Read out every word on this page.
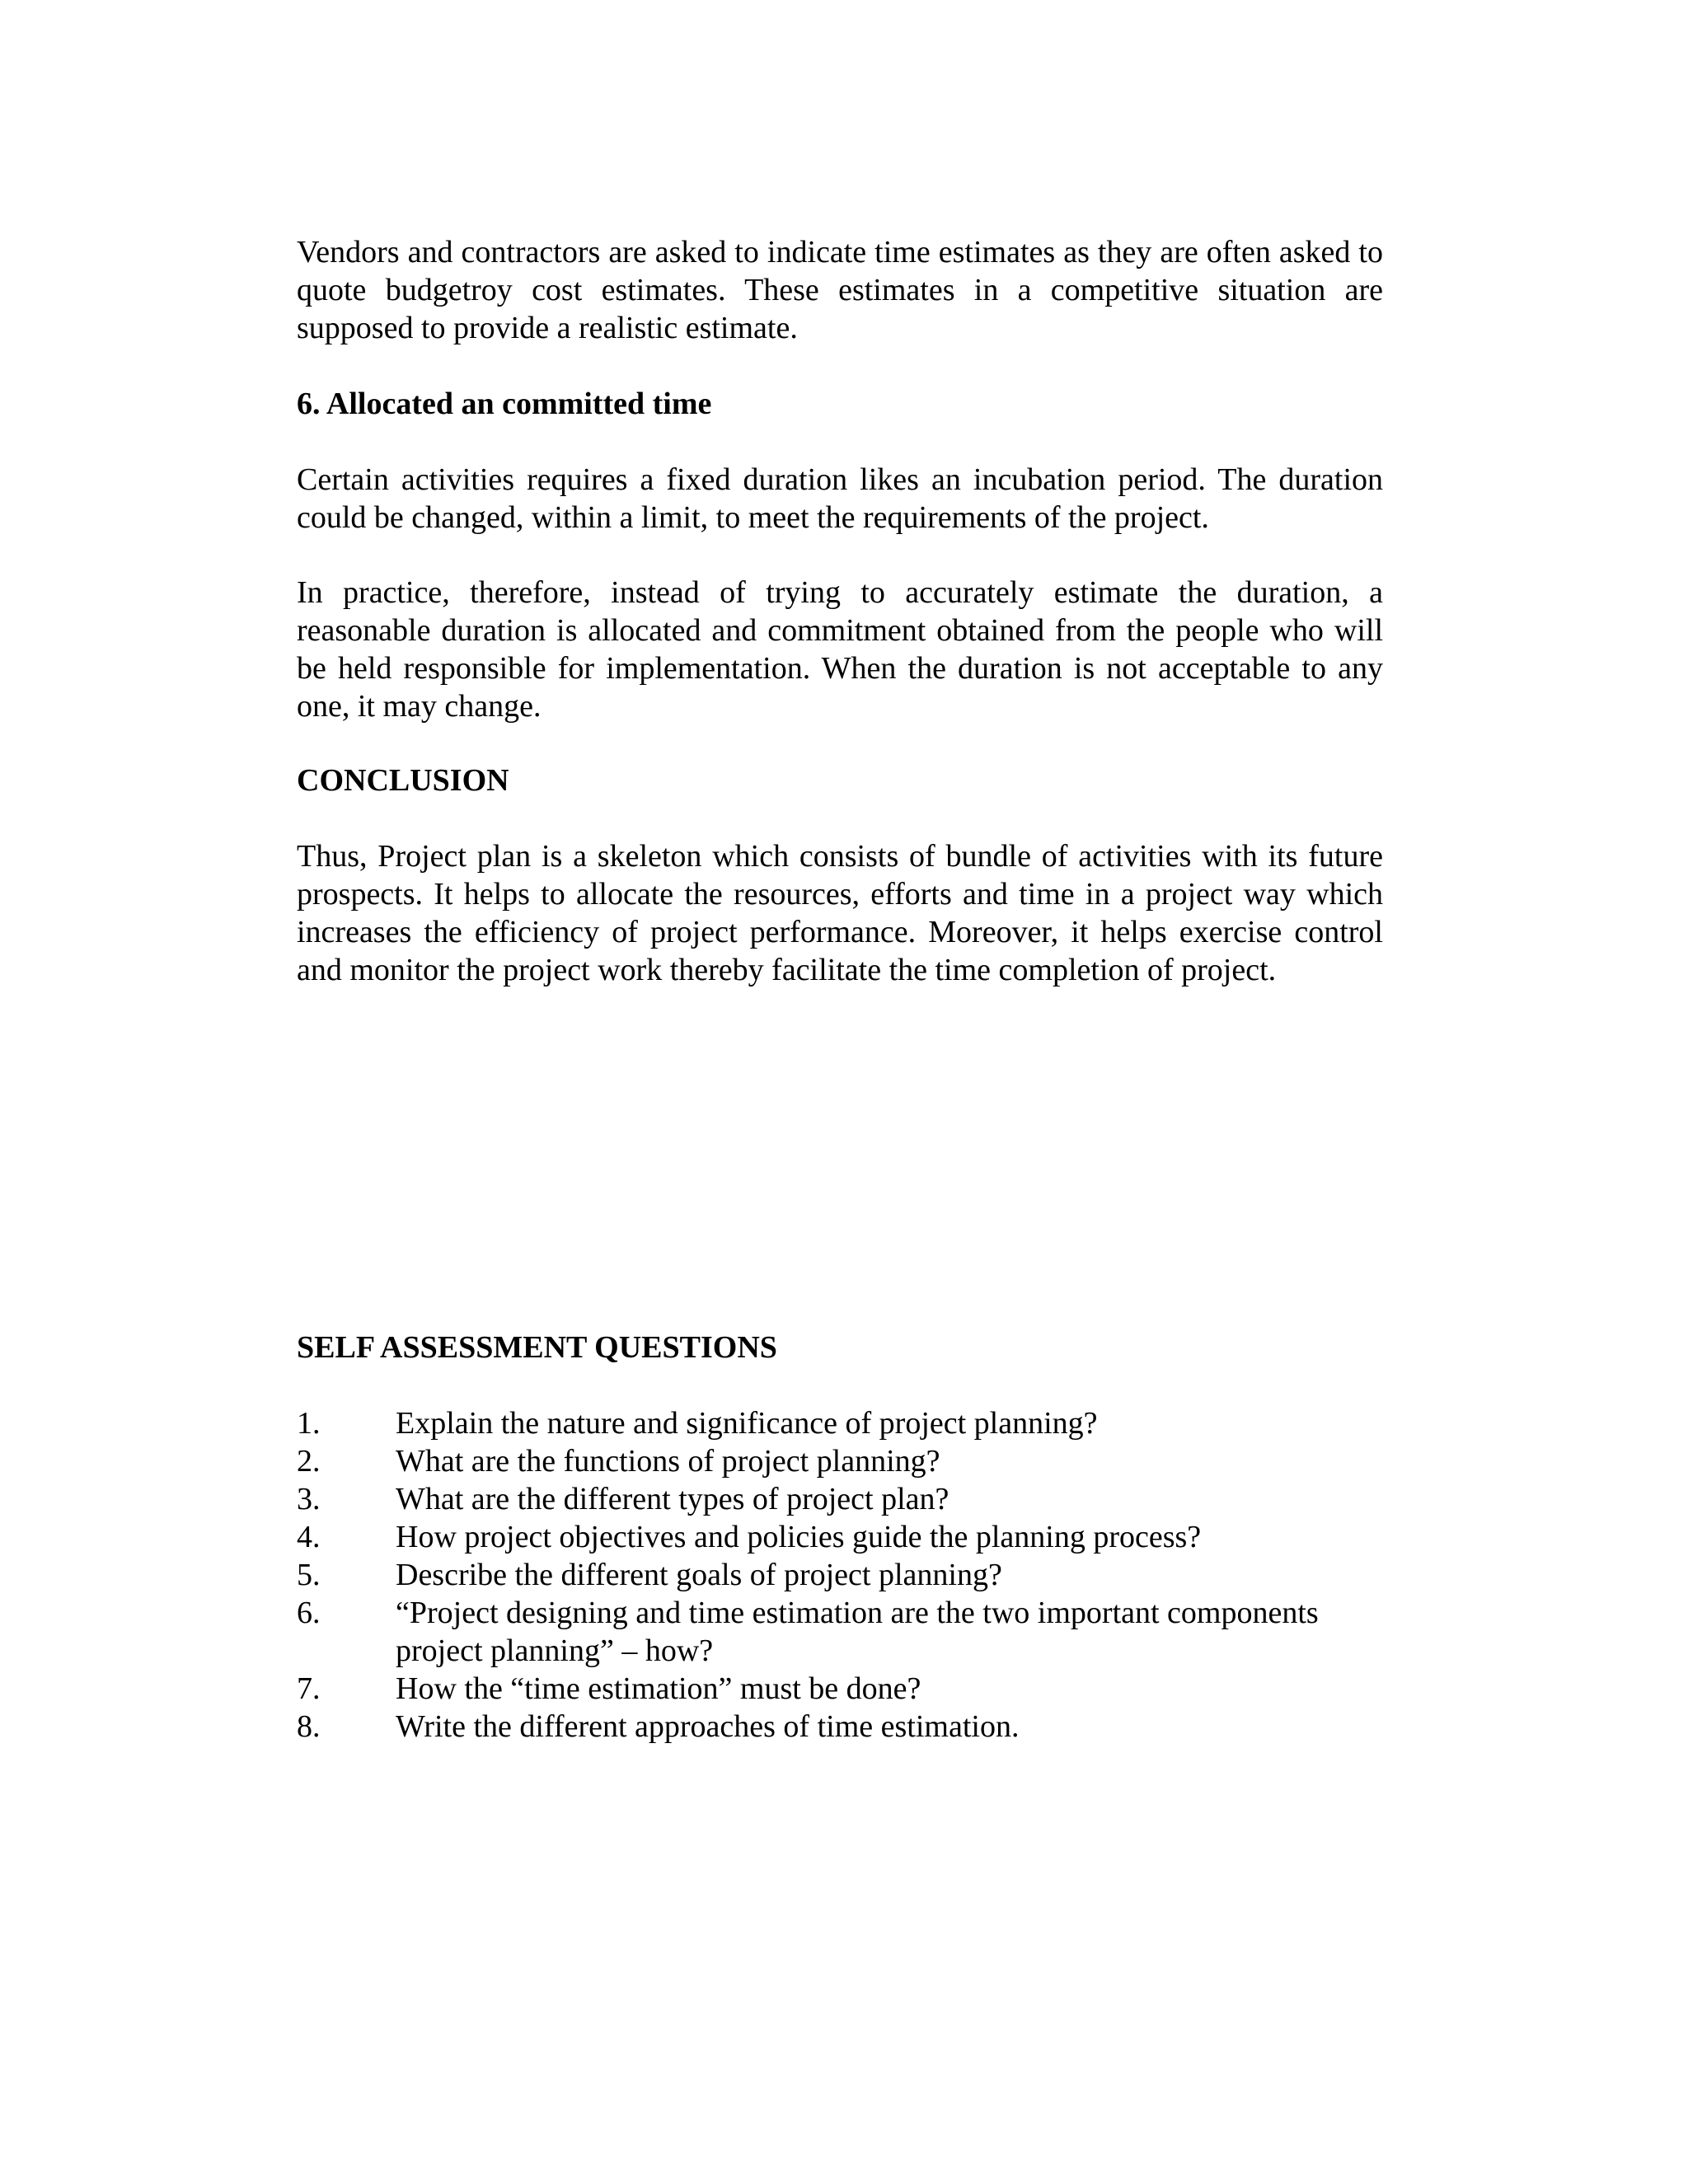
Vendors and contractors are asked to indicate time estimates as they are often asked to quote budgetroy cost estimates. These estimates in a competitive situation are supposed to provide a realistic estimate.

6. Allocated an committed time

Certain activities requires a fixed duration likes an incubation period. The duration could be changed, within a limit, to meet the requirements of the project.

In practice, therefore, instead of trying to accurately estimate the duration, a reasonable duration is allocated and commitment obtained from the people who will be held responsible for implementation. When the duration is not acceptable to any one, it may change.

CONCLUSION

Thus, Project plan is a skeleton which consists of bundle of activities with its future prospects. It helps to allocate the resources, efforts and time in a project way which increases the efficiency of project performance. Moreover, it helps exercise control and monitor the project work thereby facilitate the time completion of project.

SELF ASSESSMENT QUESTIONS

1.	Explain the nature and significance of project planning?
2.	What are the functions of project planning?
3.	What are the different types of project plan?
4.	How project objectives and policies guide the planning process?
5.	Describe the different goals of project planning?
6.	“Project designing and time estimation are the two important components project planning” – how?
7.	How the “time estimation” must be done?
8.	Write the different approaches of time estimation.
